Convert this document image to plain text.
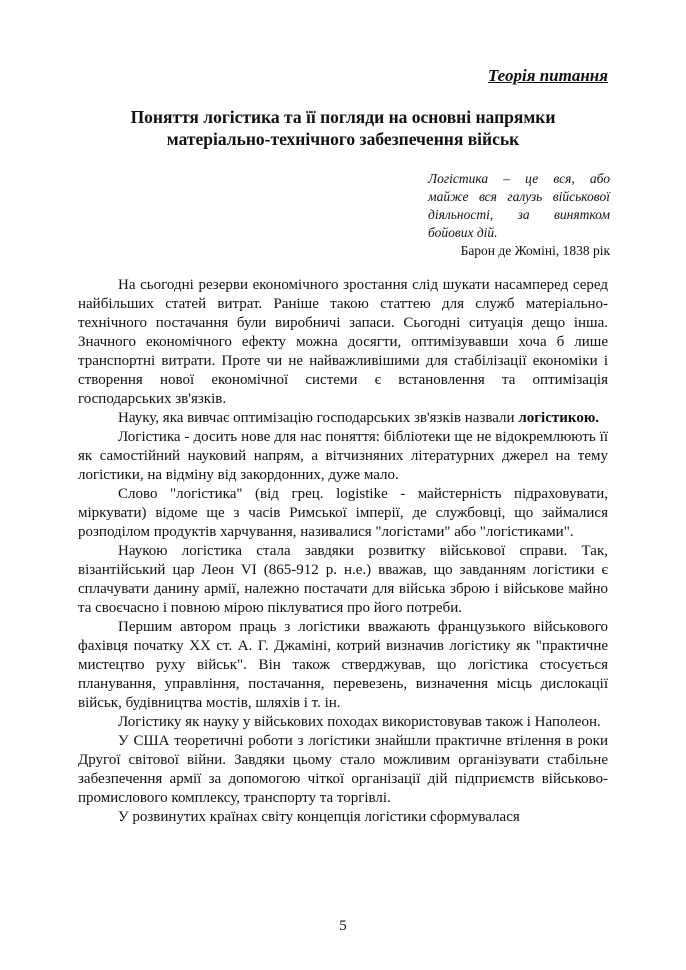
Теорія питання
Поняття логістика та її погляди на основні напрямки
матеріально-технічного забезпечення військ
Логістика – це вся, або
майже вся галузь військової
діяльності, за винятком
бойових дій.
Барон де Жоміні, 1838 рік

На сьогодні резерви економічного зростання слід шукати насамперед серед найбільших статей витрат. Раніше такою статтею для служб матеріально-технічного постачання були виробничі запаси. Сьогодні ситуація дещо інша. Значного економічного ефекту можна досягти, оптимізувавши хоча б лише транспортні витрати. Проте чи не найважливішими для стабілізації економіки і створення нової економічної системи є встановлення та оптимізація господарських зв'язків.

Науку, яка вивчає оптимізацію господарських зв'язків назвали логістикою.

Логістика - досить нове для нас поняття: бібліотеки ще не відокремлюють її як самостійний науковий напрям, а вітчизняних літературних джерел на тему логістики, на відміну від закордонних, дуже мало.

Слово "логістика" (від грец. logistike - майстерність підраховувати, міркувати) відоме ще з часів Римської імперії, де службовці, що займалися розподілом продуктів харчування, називалися "логістами" або "логістиками".

Наукою логістика стала завдяки розвитку військової справи. Так, візантійський цар Леон VI (865-912 р. н.е.) вважав, що завданням логістики є сплачувати данину армії, належно постачати для війська зброю і військове майно та своєчасно і повною мірою піклуватися про його потреби.

Першим автором праць з логістики вважають французького військового фахівця початку ХХ ст. А. Г. Джаміні, котрий визначив логістику як "практичне мистецтво руху військ". Він також стверджував, що логістика стосується планування, управління, постачання, перевезень, визначення місць дислокації військ, будівництва мостів, шляхів і т. ін.

Логістику як науку у військових походах використовував також і Наполеон.

У США теоретичні роботи з логістики знайшли практичне втілення в роки Другої світової війни. Завдяки цьому стало можливим організувати стабільне забезпечення армії за допомогою чіткої організації дій підприємств військово-промислового комплексу, транспорту та торгівлі.

У розвинутих країнах світу концепція логістики сформувалася

5
